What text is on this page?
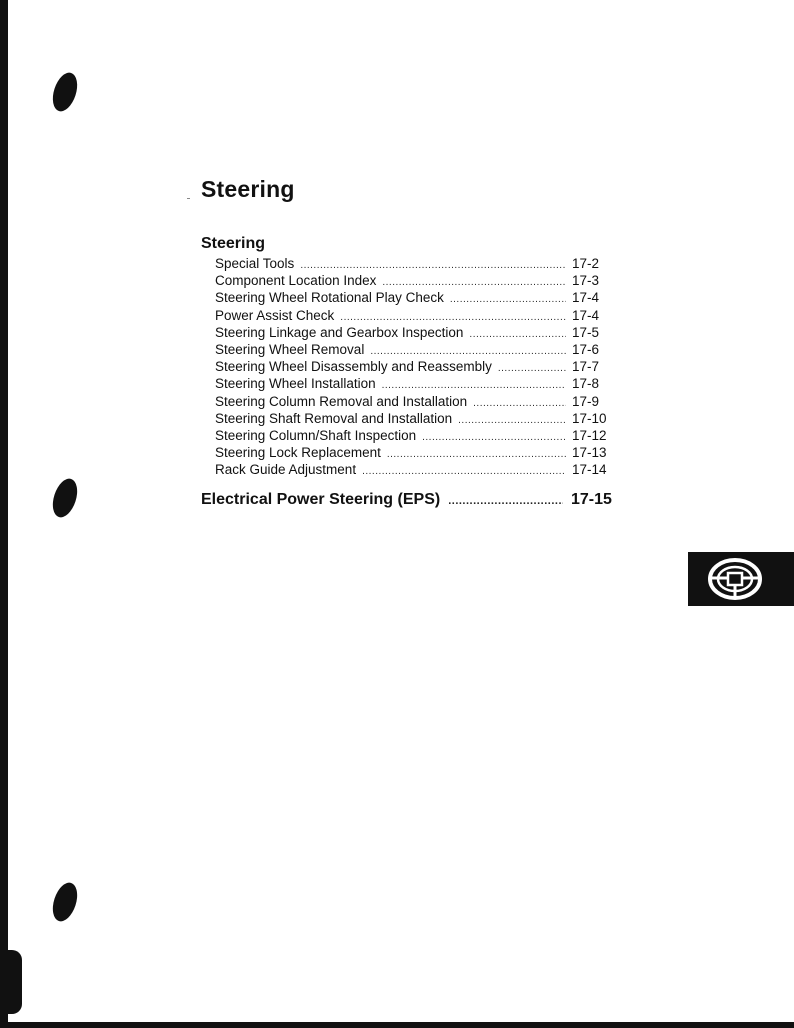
Steering
Steering
Special Tools .....	17-2
Component Location Index .....	17-3
Steering Wheel Rotational Play Check .....	17-4
Power Assist Check .....	17-4
Steering Linkage and Gearbox Inspection .....	17-5
Steering Wheel Removal .....	17-6
Steering Wheel Disassembly and Reassembly .....	17-7
Steering Wheel Installation .....	17-8
Steering Column Removal and Installation .....	17-9
Steering Shaft Removal and Installation .....	17-10
Steering Column/Shaft Inspection .....	17-12
Steering Lock Replacement .....	17-13
Rack Guide Adjustment .....	17-14
Electrical Power Steering (EPS) .....	17-15
